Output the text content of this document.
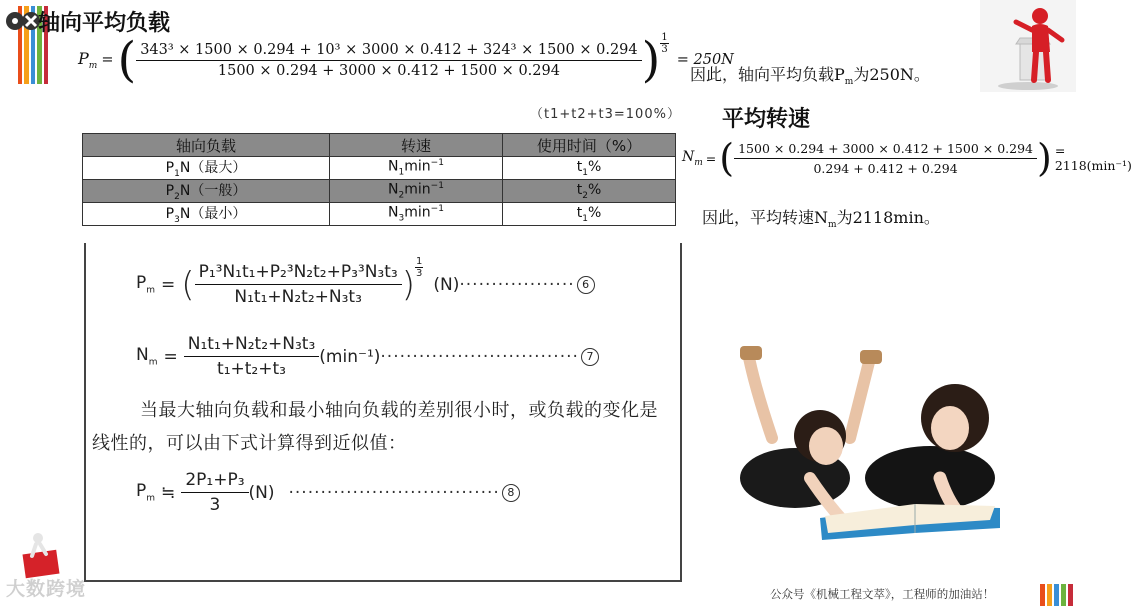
轴向平均负载
$P_m$ = ( 343³ × 1500 × 0.294 + 10³ × 3000 × 0.412 + 324³ × 1500 × 0.294
1500 × 0.294 + 3000 × 0.412 + 1500 × 0.294 ) $\frac{1}{3}$
= 250N
（t1+t2+t3=100%）
因此，轴向平均负载$P_m$为250N。
轴向负载	转速	使用时间（%）
$P_1N$（最大）	$N_1\min^{-1}$	$t_1\%$
$P_2N$（一般）	$N_2\min^{-1}$	$t_2\%$
$P_3N$（最小）	$N_3\min^{-1}$	$t_1\%$
$P_m$ = ( $\frac{\text{P₁³N₁t₁+P₂³N₂t₂+P₃³N₃t₃}}{\text{N₁t₁+N₂t₂+N₃t₃}}$ ) $\frac{1}{3}$
(N) ·················· 6
$N_m = \frac{\text{N₁t₁+N₂t₂+N₃t₃}}{\text{t₁+t₂+t₃}} (\min^{-1})$ ······························· 7
当最大轴向负载和最小轴向负载的差别很小时，或负载的变化是线性的，可以由下式计算得到近似值：
$P_m$ ≒ $\frac{\text{2P₁+P₃}}{3} (N)$ ································· 8
平均转速
$N_m$ = ( $\frac{1500 \times 0.294 + 3000 \times 0.412 + 1500 \times 0.294}{0.294 + 0.412 + 0.294}$ ) = 2118(min⁻¹)
因此，平均转速$N_m$为2118min。
大数跨境	公众号《机械工程文萃》，工程师的加油站！
